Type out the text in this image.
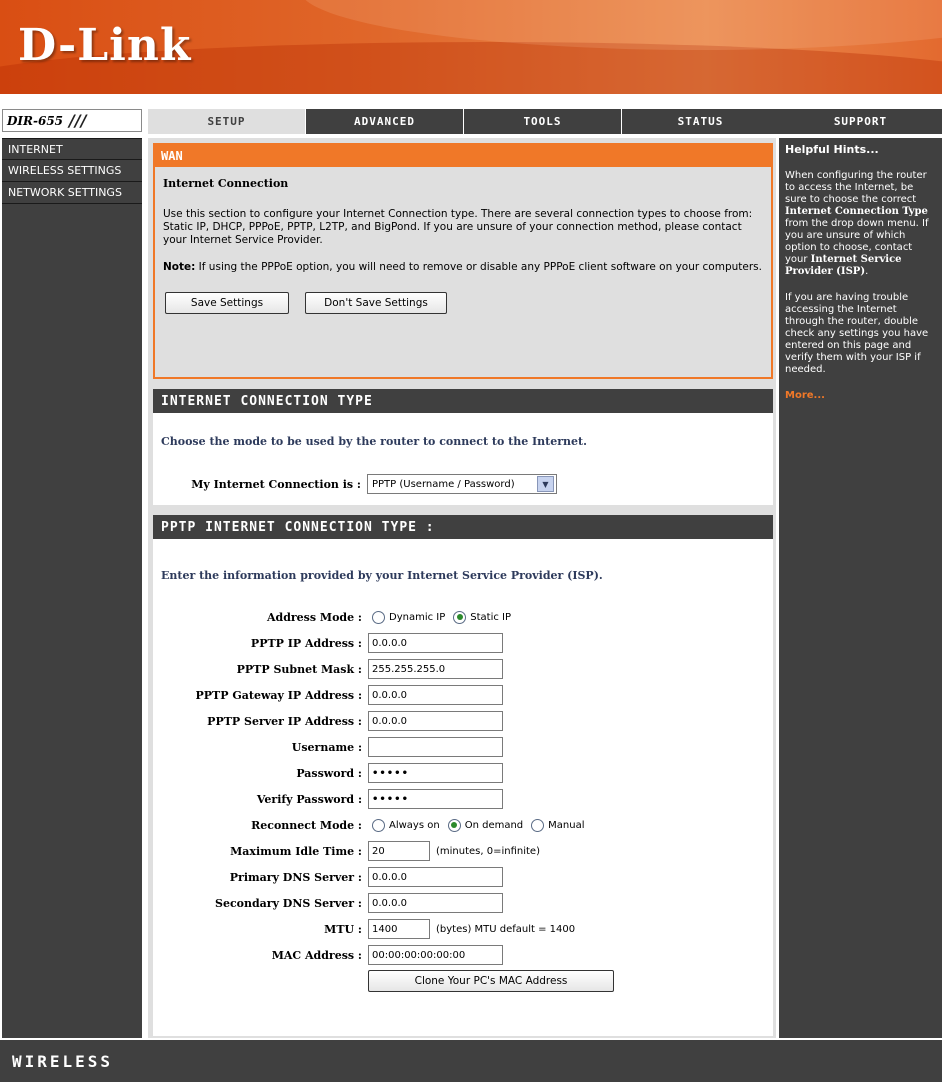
D-Link
DIR-655 ///	SETUP	ADVANCED	TOOLS	STATUS	SUPPORT
INTERNET
WIRELESS SETTINGS
NETWORK SETTINGS
WAN
Internet Connection

Use this section to configure your Internet Connection type. There are several connection types to choose from: Static IP, DHCP, PPPoE, PPTP, L2TP, and BigPond. If you are unsure of your connection method, please contact your Internet Service Provider.

Note: If using the PPPoE option, you will need to remove or disable any PPPoE client software on your computers.

Save Settings	Don't Save Settings
INTERNET CONNECTION TYPE
Choose the mode to be used by the router to connect to the Internet.
My Internet Connection is :	PPTP (Username / Password)	▼
PPTP INTERNET CONNECTION TYPE :
Enter the information provided by your Internet Service Provider (ISP).
Address Mode :	Dynamic IP	Static IP
PPTP IP Address :	0.0.0.0
PPTP Subnet Mask :	255.255.255.0
PPTP Gateway IP Address :	0.0.0.0
PPTP Server IP Address :	0.0.0.0
Username :
Password :	•••••
Verify Password :	•••••
Reconnect Mode :	Always on	On demand	Manual
Maximum Idle Time :	20	(minutes, 0=infinite)
Primary DNS Server :	0.0.0.0
Secondary DNS Server :	0.0.0.0
MTU :	1400	(bytes) MTU default = 1400
MAC Address :	00:00:00:00:00:00
Clone Your PC's MAC Address
Helpful Hints...

When configuring the router to access the Internet, be sure to choose the correct Internet Connection Type from the drop down menu. If you are unsure of which option to choose, contact your Internet Service Provider (ISP).

If you are having trouble accessing the Internet through the router, double check any settings you have entered on this page and verify them with your ISP if needed.

More...
WIRELESS
